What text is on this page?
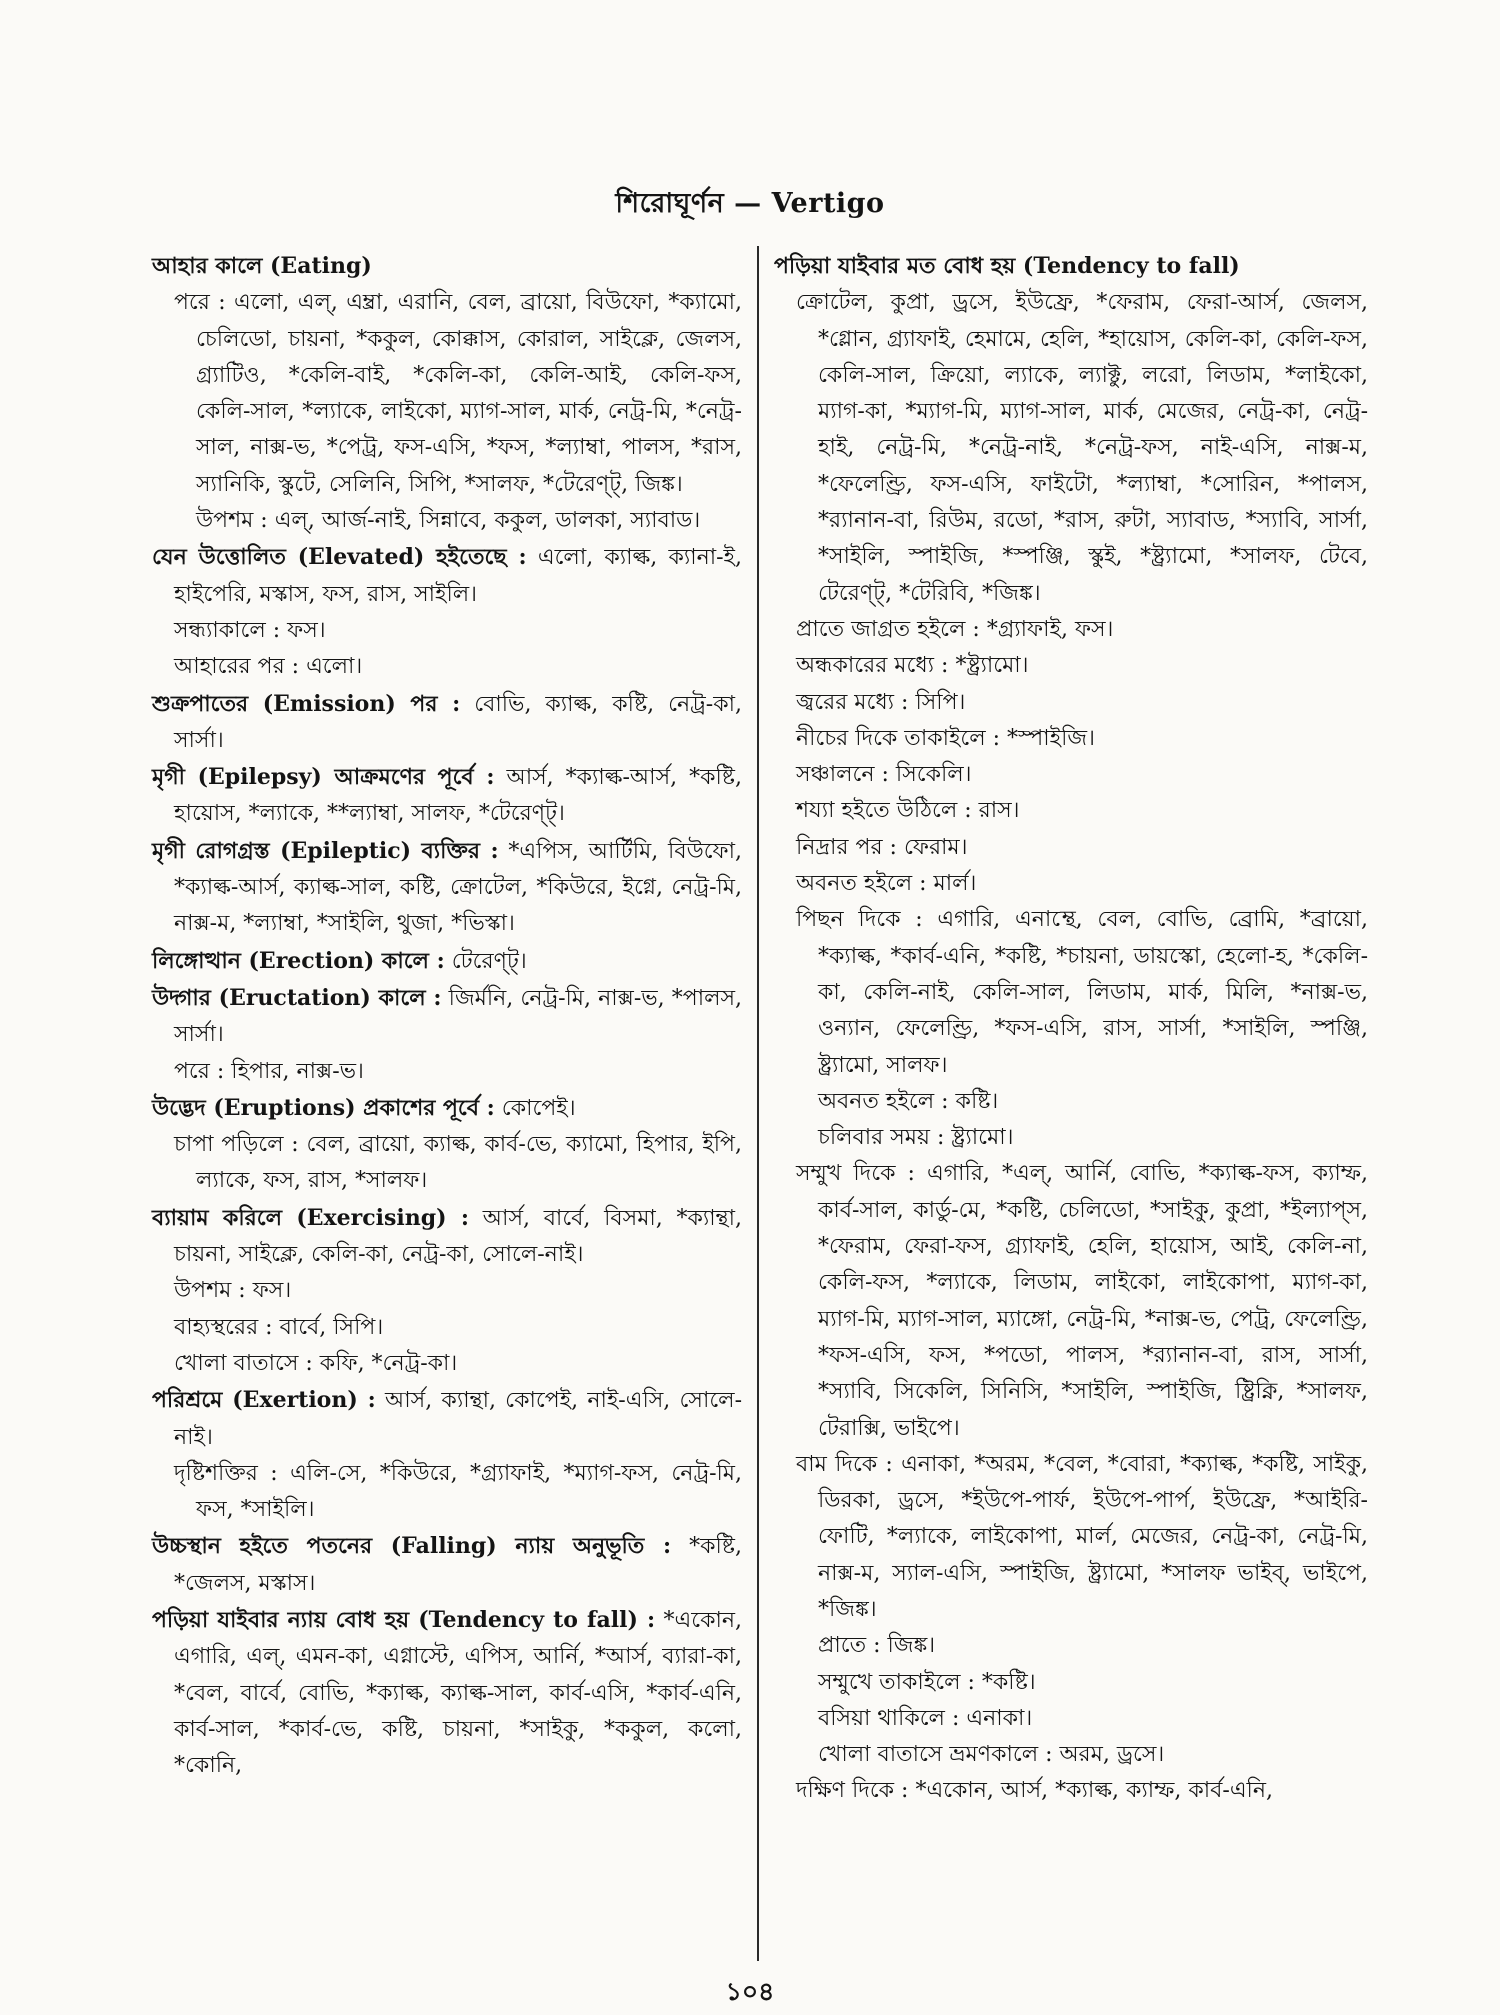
শিরোঘূর্ণন — Vertigo

আহার কালে (Eating)

পরে : এলো, এল্‌, এম্ব্রা, এরানি, বেল, ব্রায়ো, বিউফো, *ক্যামো, চেলিডো, চায়না, *ককুল, কোক্কাস, কোরাল, সাইক্লে, জেলস, গ্র্যাটিও, *কেলি-বাই, *কেলি-কা, কেলি-আই, কেলি-ফস, কেলি-সাল, *ল্যাকে, লাইকো, ম্যাগ-সাল, মার্ক, নেট্র-মি, *নেট্র-সাল, নাক্স-ভ, *পেট্র, ফস-এসি, *ফস, *ল্যাম্বা, পালস, *রাস, স্যানিকি, স্কুটে, সেলিনি, সিপি, *সালফ, *টেরেণ্ট্‌, জিঙ্ক।

উপশম : এল্‌, আর্জ-নাই, সিন্নাবে, ককুল, ডালকা, স্যাবাড।

যেন উত্তোলিত (Elevated) হইতেছে : এলো, ক্যাল্ক, ক্যানা-ই, হাইপেরি, মস্কাস, ফস, রাস, সাইলি।

সন্ধ্যাকালে : ফস।

আহারের পর : এলো।

শুক্রপাতের (Emission) পর : বোভি, ক্যাল্ক, কষ্টি, নেট্র-কা, সার্সা।

মৃগী (Epilepsy) আক্রমণের পূর্বে : আর্স, *ক্যাল্ক-আর্স, *কষ্টি, হায়োস, *ল্যাকে, **ল্যাম্বা, সালফ, *টেরেণ্ট্‌।

মৃগী রোগগ্রস্ত (Epileptic) ব্যক্তির : *এপিস, আর্টিমি, বিউফো, *ক্যাল্ক-আর্স, ক্যাল্ক-সাল, কষ্টি, ক্রোটেল, *কিউরে, ইগ্নে, নেট্র-মি, নাক্স-ম, *ল্যাম্বা, *সাইলি, থুজা, *ভিস্কা।

লিঙ্গোত্থান (Erection) কালে : টেরেণ্ট্‌।

উদ্গার (Eructation) কালে : জির্মনি, নেট্র-মি, নাক্স-ভ, *পালস, সার্সা।

পরে : হিপার, নাক্স-ভ।

উদ্ভেদ (Eruptions) প্রকাশের পূর্বে : কোপেই।

চাপা পড়িলে : বেল, ব্রায়ো, ক্যাল্ক, কার্ব-ভে, ক্যামো, হিপার, ইপি, ল্যাকে, ফস, রাস, *সালফ।

ব্যায়াম করিলে (Exercising) : আর্স, বার্বে, বিসমা, *ক্যান্থা, চায়না, সাইক্লে, কেলি-কা, নেট্র-কা, সোলে-নাই।

উপশম : ফস।

বাহ্যস্থরের : বার্বে, সিপি।

খোলা বাতাসে : কফি, *নেট্র-কা।

পরিশ্রমে (Exertion) : আর্স, ক্যান্থা, কোপেই, নাই-এসি, সোলে-নাই।

দৃষ্টিশক্তির : এলি-সে, *কিউরে, *গ্র্যাফাই, *ম্যাগ-ফস, নেট্র-মি, ফস, *সাইলি।

উচ্চস্থান হইতে পতনের (Falling) ন্যায় অনুভূতি : *কষ্টি, *জেলস, মস্কাস।

পড়িয়া যাইবার ন্যায় বোধ হয় (Tendency to fall) : *একোন, এগারি, এল্‌, এমন-কা, এগ্নাস্টে, এপিস, আর্নি, *আর্স, ব্যারা-কা, *বেল, বার্বে, বোভি, *ক্যাল্ক, ক্যাল্ক-সাল, কার্ব-এসি, *কার্ব-এনি, কার্ব-সাল, *কার্ব-ভে, কষ্টি, চায়না, *সাইকু, *ককুল, কলো, *কোনি,

পড়িয়া যাইবার মত বোধ হয় (Tendency to fall)

ক্রোটেল, কুপ্রা, ড্রসে, ইউফ্রে, *ফেরাম, ফেরা-আর্স, জেলস, *গ্লোন, গ্র্যাফাই, হেমামে, হেলি, *হায়োস, কেলি-কা, কেলি-ফস, কেলি-সাল, ক্রিয়ো, ল্যাকে, ল্যাক্টু, লরো, লিডাম, *লাইকো, ম্যাগ-কা, *ম্যাগ-মি, ম্যাগ-সাল, মার্ক, মেজের, নেট্র-কা, নেট্র-হাই, নেট্র-মি, *নেট্র-নাই, *নেট্র-ফস, নাই-এসি, নাক্স-ম, *ফেলেণ্ড্রি, ফস-এসি, ফাইটো, *ল্যাম্বা, *সোরিন, *পালস, *র‍্যানান-বা, রিউম, রডো, *রাস, রুটা, স্যাবাড, *স্যাবি, সার্সা, *সাইলি, স্পাইজি, *স্পঞ্জি, স্কুই, *ষ্ট্র্যামো, *সালফ, টেবে, টেরেণ্ট্‌, *টেরিবি, *জিঙ্ক।

প্রাতে জাগ্রত হইলে : *গ্র্যাফাই, ফস।

অন্ধকারের মধ্যে : *ষ্ট্র্যামো।

জ্বরের মধ্যে : সিপি।

নীচের দিকে তাকাইলে : *স্পাইজি।

সঞ্চালনে : সিকেলি।

শয্যা হইতে উঠিলে : রাস।

নিদ্রার পর : ফেরাম।

অবনত হইলে : মার্ল।

পিছন দিকে : এগারি, এনাম্থে, বেল, বোভি, ব্রোমি, *ব্রায়ো, *ক্যাল্ক, *কার্ব-এনি, *কষ্টি, *চায়না, ডায়স্কো, হেলো-হ, *কেলি-কা, কেলি-নাই, কেলি-সাল, লিডাম, মার্ক, মিলি, *নাক্স-ভ, ওন্যান, ফেলেণ্ড্রি, *ফস-এসি, রাস, সার্সা, *সাইলি, স্পঞ্জি, ষ্ট্র্যামো, সালফ।

অবনত হইলে : কষ্টি।

চলিবার সময় : ষ্ট্র্যামো।

সম্মুখ দিকে : এগারি, *এল্‌, আর্নি, বোভি, *ক্যাল্ক-ফস, ক্যাম্ফ, কার্ব-সাল, কার্ডু-মে, *কষ্টি, চেলিডো, *সাইকু, কুপ্রা, *ইল্যাপ্‌স, *ফেরাম, ফেরা-ফস, গ্র্যাফাই, হেলি, হায়োস, আই, কেলি-না, কেলি-ফস, *ল্যাকে, লিডাম, লাইকো, লাইকোপা, ম্যাগ-কা, ম্যাগ-মি, ম্যাগ-সাল, ম্যাঙ্গো, নেট্র-মি, *নাক্স-ভ, পেট্র, ফেলেণ্ড্রি, *ফস-এসি, ফস, *পডো, পালস, *র‍্যানান-বা, রাস, সার্সা, *স্যাবি, সিকেলি, সিনিসি, *সাইলি, স্পাইজি, ষ্ট্রিক্নি, *সালফ, টেরাক্সি, ভাইপে।

বাম দিকে : এনাকা, *অরম, *বেল, *বোরা, *ক্যাল্ক, *কষ্টি, সাইকু, ডিরকা, ড্রসে, *ইউপে-পার্ফ, ইউপে-পার্প, ইউফ্রে, *আইরি-ফোটি, *ল্যাকে, লাইকোপা, মার্ল, মেজের, নেট্র-কা, নেট্র-মি, নাক্স-ম, স্যাল-এসি, স্পাইজি, ষ্ট্র্যামো, *সালফ ভাইব্‌, ভাইপে, *জিঙ্ক।

প্রাতে : জিঙ্ক।

সম্মুখে তাকাইলে : *কষ্টি।

বসিয়া থাকিলে : এনাকা।

খোলা বাতাসে ভ্রমণকালে : অরম, ড্রসে।

দক্ষিণ দিকে : *একোন, আর্স, *ক্যাল্ক, ক্যাম্ফ, কার্ব-এনি,

১০৪
